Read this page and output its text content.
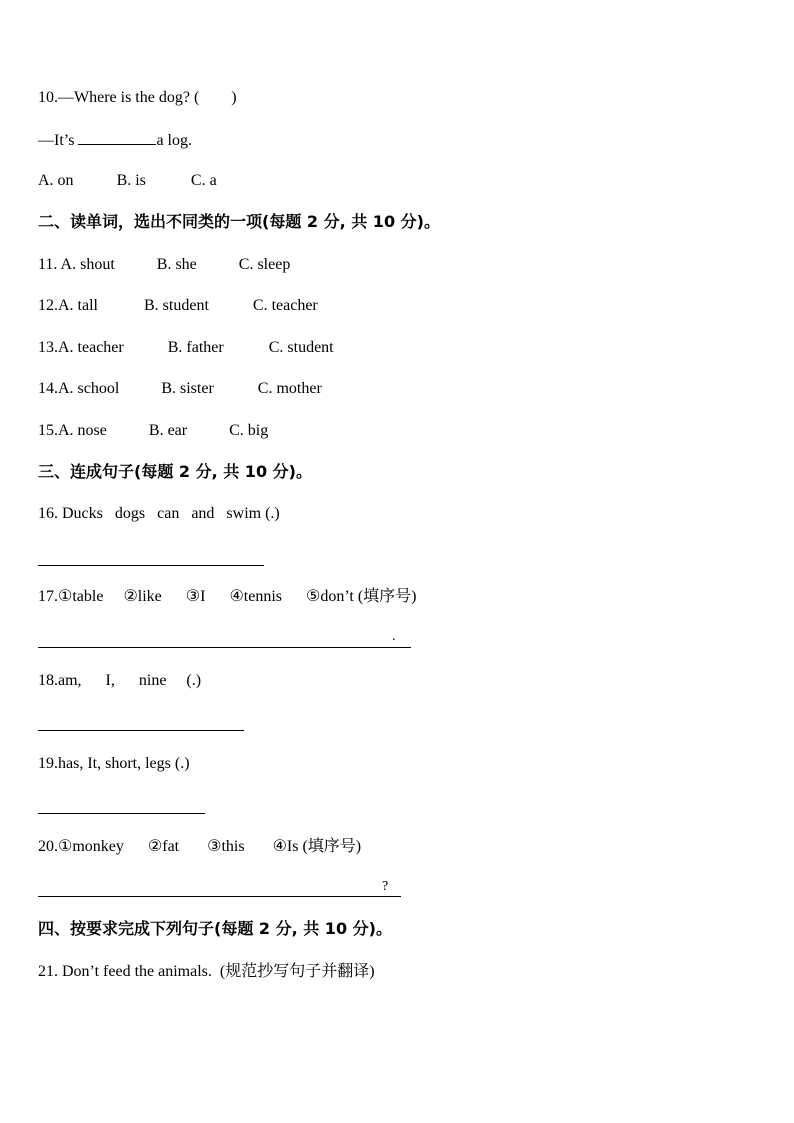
10.—Where is the dog? (        )
—It’s	a log.
A. on	B. is	C. a
二、读单词，选出不同类的一项(每题 2 分, 共 10 分)。
11. A. shout	B. she	C. sleep
12.A. tall	B. student	C. teacher
13.A. teacher	B. father	C. student
14.A. school	B. sister	C. mother
15.A. nose	B. ear	C. big
三、连成句子(每题 2 分, 共 10 分)。
16. Ducks   dogs   can   and   swim (.)
17.①table     ②like      ③I      ④tennis      ⑤don’t (填序号)
.
18.am,      I,      nine     (.)
19.has, It, short, legs (.)
20.①monkey      ②fat       ③this       ④Is (填序号)
?
四、按要求完成下列句子(每题 2 分, 共 10 分)。
21. Don’t feed the animals.  (规范抄写句子并翻译)
